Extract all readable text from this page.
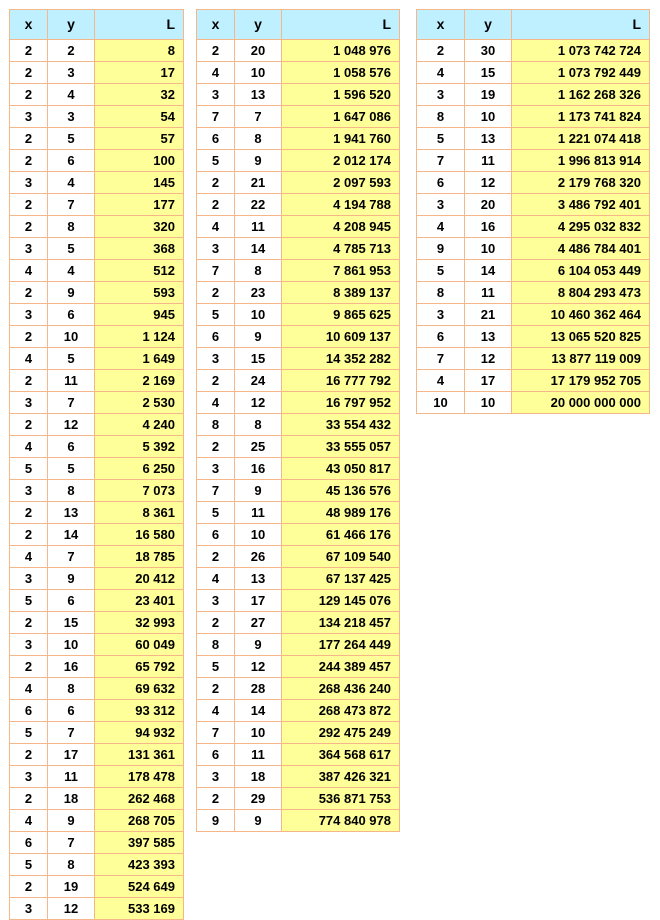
x	y	L
2	2	8
2	3	17
2	4	32
3	3	54
2	5	57
2	6	100
3	4	145
2	7	177
2	8	320
3	5	368
4	4	512
2	9	593
3	6	945
2	10	1 124
4	5	1 649
2	11	2 169
3	7	2 530
2	12	4 240
4	6	5 392
5	5	6 250
3	8	7 073
2	13	8 361
2	14	16 580
4	7	18 785
3	9	20 412
5	6	23 401
2	15	32 993
3	10	60 049
2	16	65 792
4	8	69 632
6	6	93 312
5	7	94 932
2	17	131 361
3	11	178 478
2	18	262 468
4	9	268 705
6	7	397 585
5	8	423 393
2	19	524 649
3	12	533 169
x	y	L
2	20	1 048 976
4	10	1 058 576
3	13	1 596 520
7	7	1 647 086
6	8	1 941 760
5	9	2 012 174
2	21	2 097 593
2	22	4 194 788
4	11	4 208 945
3	14	4 785 713
7	8	7 861 953
2	23	8 389 137
5	10	9 865 625
6	9	10 609 137
3	15	14 352 282
2	24	16 777 792
4	12	16 797 952
8	8	33 554 432
2	25	33 555 057
3	16	43 050 817
7	9	45 136 576
5	11	48 989 176
6	10	61 466 176
2	26	67 109 540
4	13	67 137 425
3	17	129 145 076
2	27	134 218 457
8	9	177 264 449
5	12	244 389 457
2	28	268 436 240
4	14	268 473 872
7	10	292 475 249
6	11	364 568 617
3	18	387 426 321
2	29	536 871 753
9	9	774 840 978
x	y	L
2	30	1 073 742 724
4	15	1 073 792 449
3	19	1 162 268 326
8	10	1 173 741 824
5	13	1 221 074 418
7	11	1 996 813 914
6	12	2 179 768 320
3	20	3 486 792 401
4	16	4 295 032 832
9	10	4 486 784 401
5	14	6 104 053 449
8	11	8 804 293 473
3	21	10 460 362 464
6	13	13 065 520 825
7	12	13 877 119 009
4	17	17 179 952 705
10	10	20 000 000 000
